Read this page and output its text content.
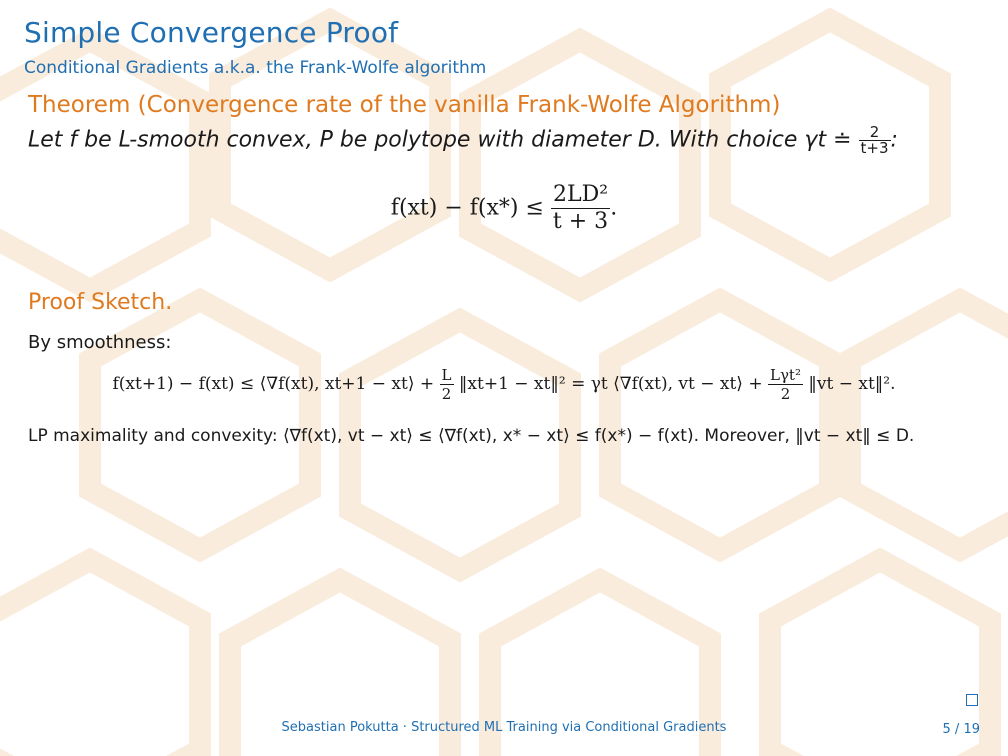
Simple Convergence Proof
Conditional Gradients a.k.a. the Frank-Wolfe algorithm
Theorem (Convergence rate of the vanilla Frank-Wolfe Algorithm)
Let f be L-smooth convex, P be polytope with diameter D. With choice γt ≐ $\frac{2}{t+3}$ :
$f(xt) - f(x*) \le \frac{\text{2LD²}}{t + 3}$ .
Proof Sketch.
By smoothness:
f(xt+1) − f(xt) ≤ ⟨∇f(xt), xt+1 − xt⟩ + $\frac{L}{2}$ ‖xt+1 − xt‖² = γt ⟨∇f(xt), vt − xt⟩ + $\frac{\text{Lγt²}}{2}$ ‖vt − xt‖².
LP maximality and convexity: ⟨∇f(xt), vt − xt⟩ ≤ ⟨∇f(xt), x* − xt⟩ ≤ f(x*) − f(xt). Moreover, ‖vt − xt‖ ≤ D.
Sebastian Pokutta · Structured ML Training via Conditional Gradients	5 / 19
